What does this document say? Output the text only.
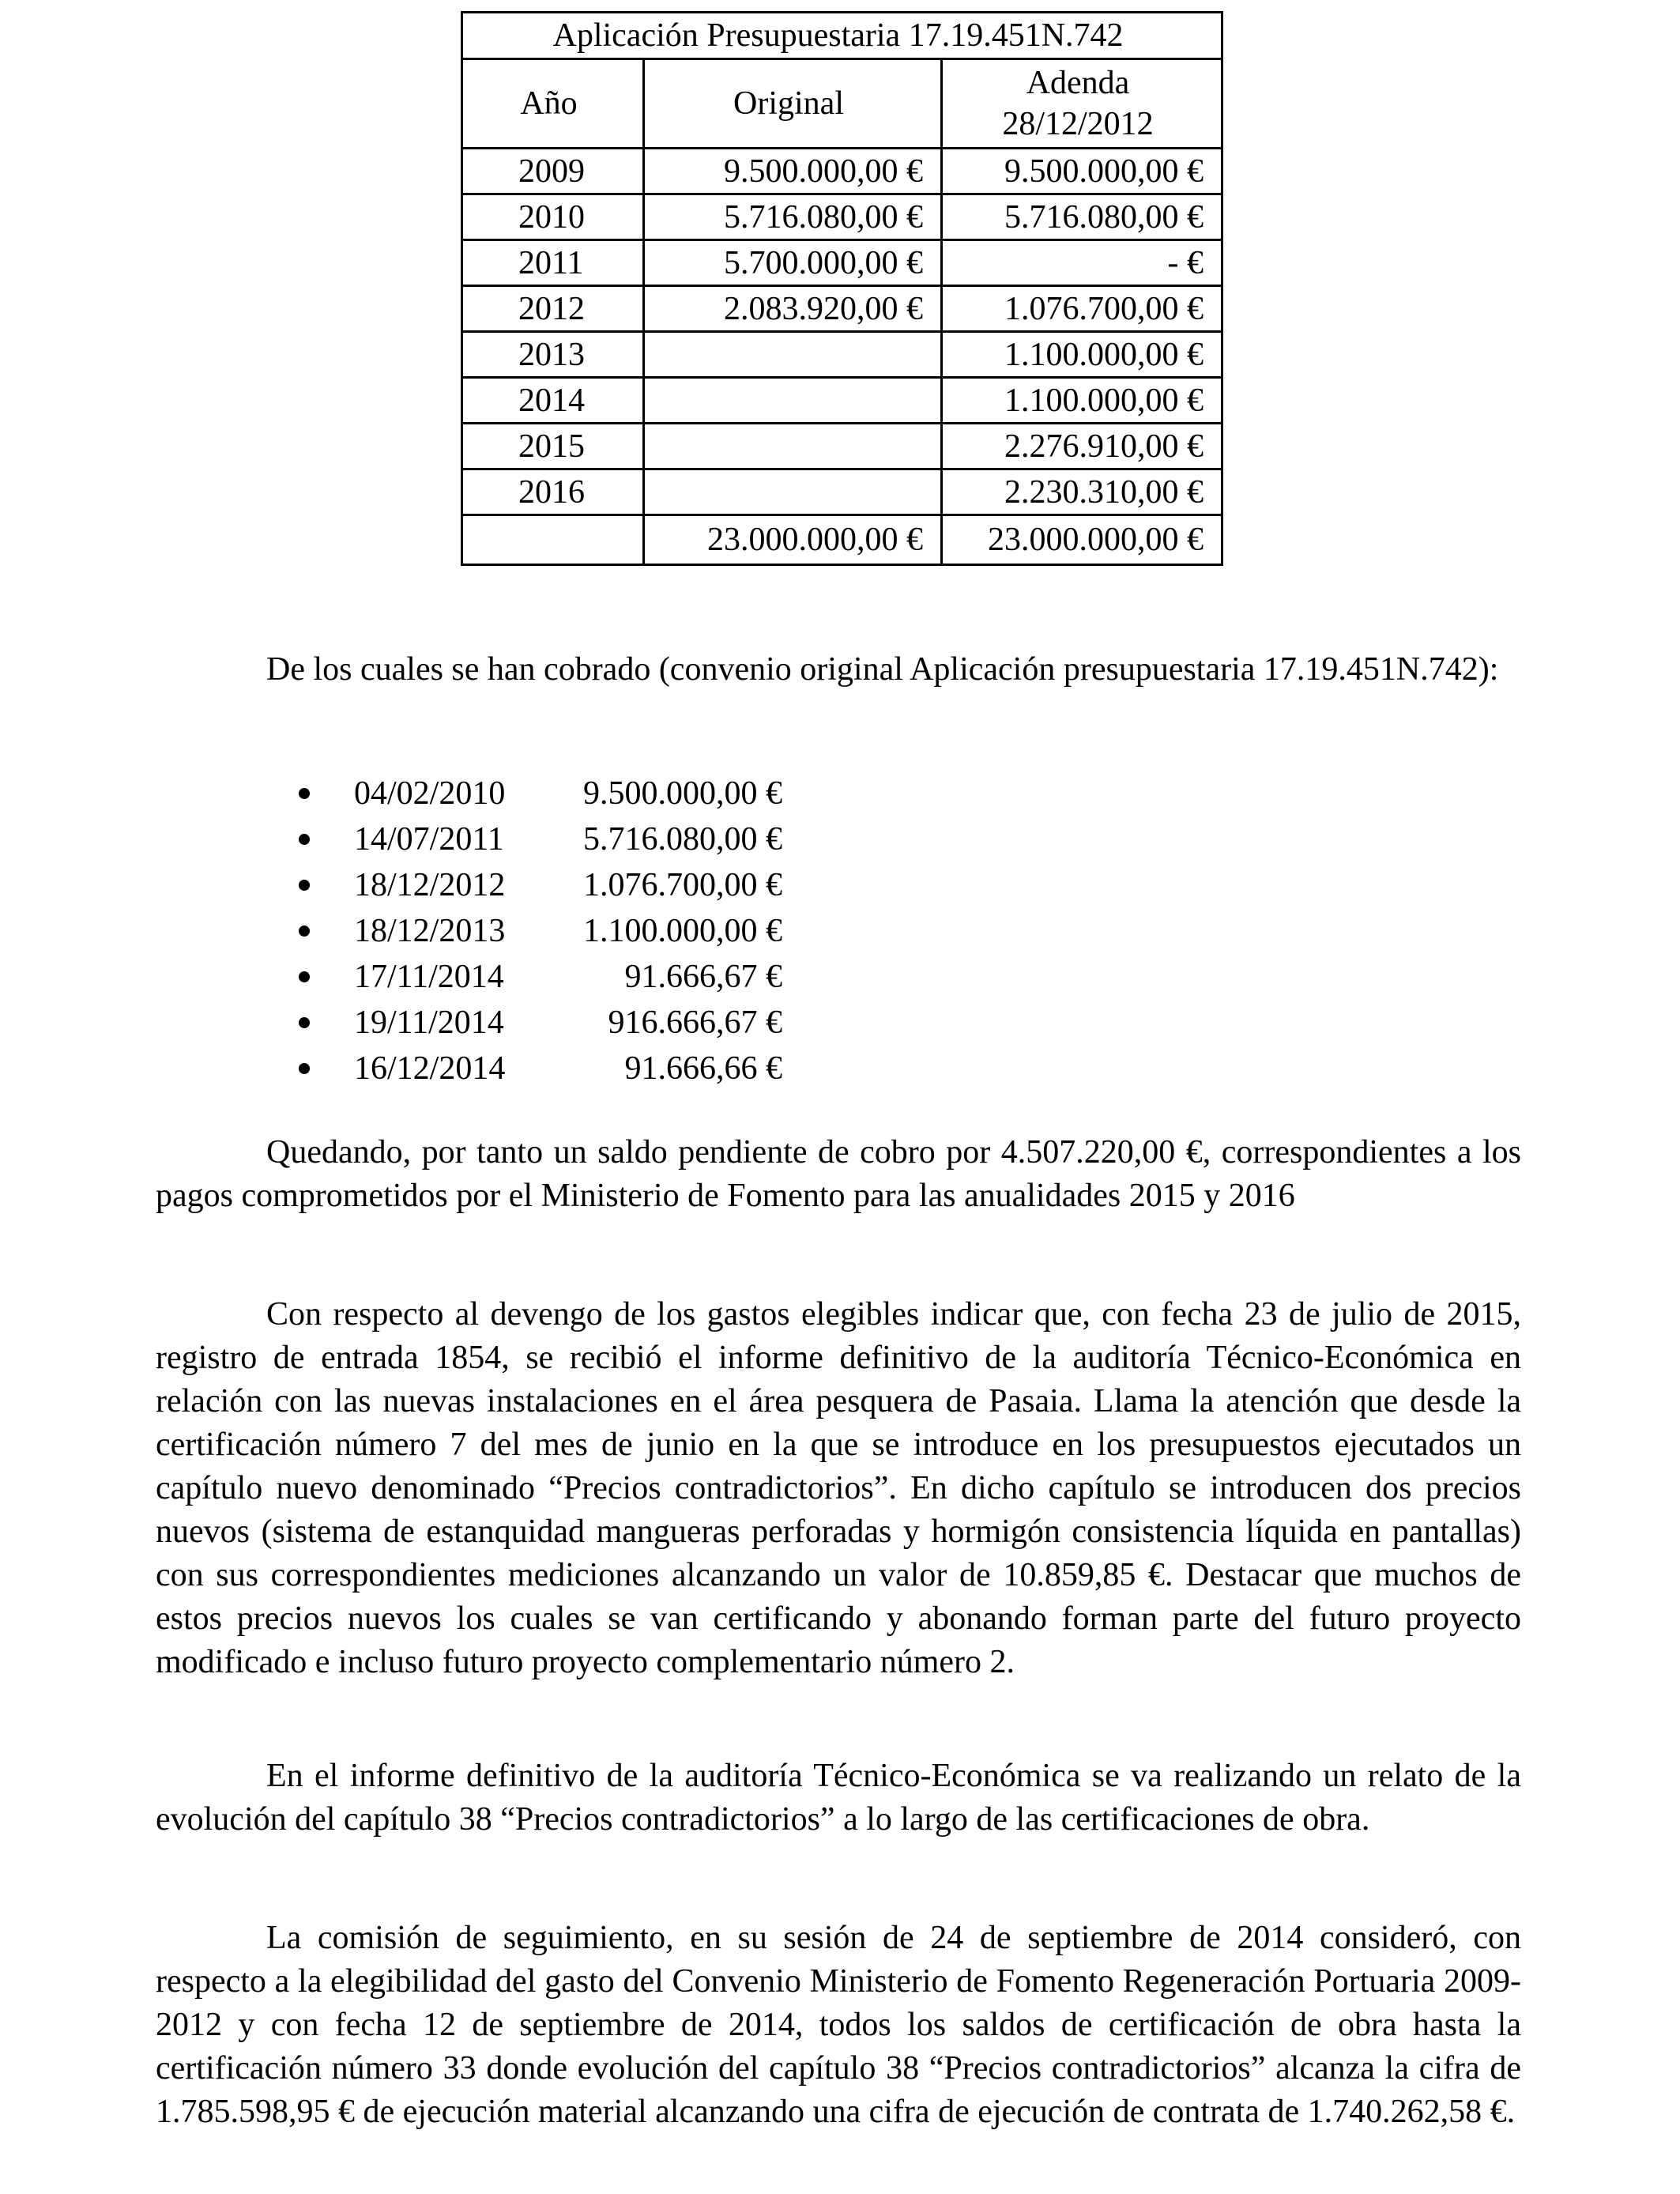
Aplicación Presupuestaria 17.19.451N.742		
Año	Original	Adenda
28/12/2012
2009	9.500.000,00 €	9.500.000,00 €
2010	5.716.080,00 €	5.716.080,00 €
2011	5.700.000,00 €	- €
2012	2.083.920,00 €	1.076.700,00 €
2013		1.100.000,00 €
2014		1.100.000,00 €
2015		2.276.910,00 €
2016		2.230.310,00 €
	23.000.000,00 €	23.000.000,00 €

De los cuales se han cobrado (convenio original Aplicación presupuestaria 17.19.451N.742):

04/02/2010	9.500.000,00 €
14/07/2011	5.716.080,00 €
18/12/2012	1.076.700,00 €
18/12/2013	1.100.000,00 €
17/11/2014	91.666,67 €
19/11/2014	916.666,67 €
16/12/2014	91.666,66 €

Quedando, por tanto un saldo pendiente de cobro por 4.507.220,00 €, correspondientes a los pagos comprometidos por el Ministerio de Fomento para las anualidades 2015 y 2016

Con respecto al devengo de los gastos elegibles indicar que, con fecha 23 de julio de 2015, registro de entrada 1854, se recibió el informe definitivo de la auditoría Técnico-Económica en relación con las nuevas instalaciones en el área pesquera de Pasaia. Llama la atención que desde la certificación número 7 del mes de junio en la que se introduce en los presupuestos ejecutados un capítulo nuevo denominado “Precios contradictorios”. En dicho capítulo se introducen dos precios nuevos (sistema de estanquidad mangueras perforadas y hormigón consistencia líquida en pantallas) con sus correspondientes mediciones alcanzando un valor de 10.859,85 €. Destacar que muchos de estos precios nuevos los cuales se van certificando y abonando forman parte del futuro proyecto modificado e incluso futuro proyecto complementario número 2.

En el informe definitivo de la auditoría Técnico-Económica se va realizando un relato de la evolución del capítulo 38 “Precios contradictorios” a lo largo de las certificaciones de obra.

La comisión de seguimiento, en su sesión de 24 de septiembre de 2014 consideró, con respecto a la elegibilidad del gasto del Convenio Ministerio de Fomento Regeneración Portuaria 2009-2012 y con fecha 12 de septiembre de 2014, todos los saldos de certificación de obra hasta la certificación número 33 donde evolución del capítulo 38 “Precios contradictorios” alcanza la cifra de 1.785.598,95 € de ejecución material alcanzando una cifra de ejecución de contrata de 1.740.262,58 €.
